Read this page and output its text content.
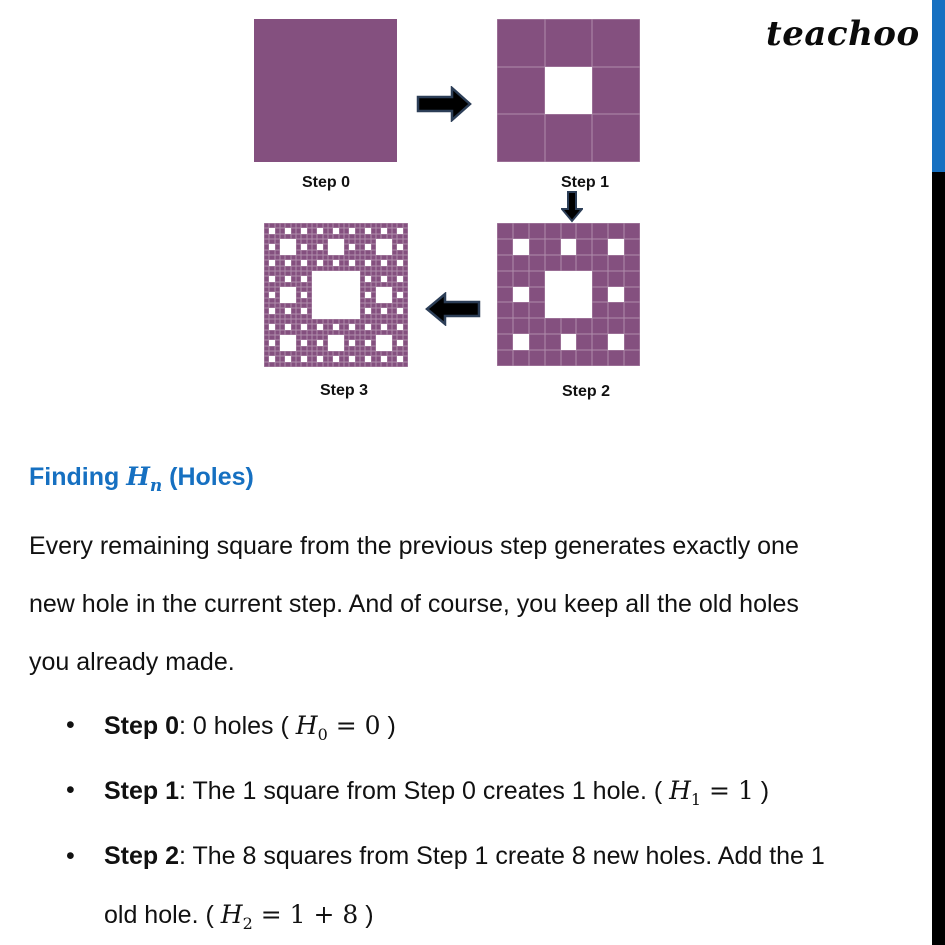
teachoo
Step 0	Step 1
Step 2
Step 3
Finding $H_n$ (Holes)
Every remaining square from the previous step generates exactly one
new hole in the current step. And of course, you keep all the old holes
you already made.
• Step 0: 0 holes ( $H_0 = 0$ )
• Step 1: The 1 square from Step 0 creates 1 hole. ( $H_1 = 1$ )
• Step 2: The 8 squares from Step 1 create 8 new holes. Add the 1
old hole. ( $H_2 = 1 + 8$ )
